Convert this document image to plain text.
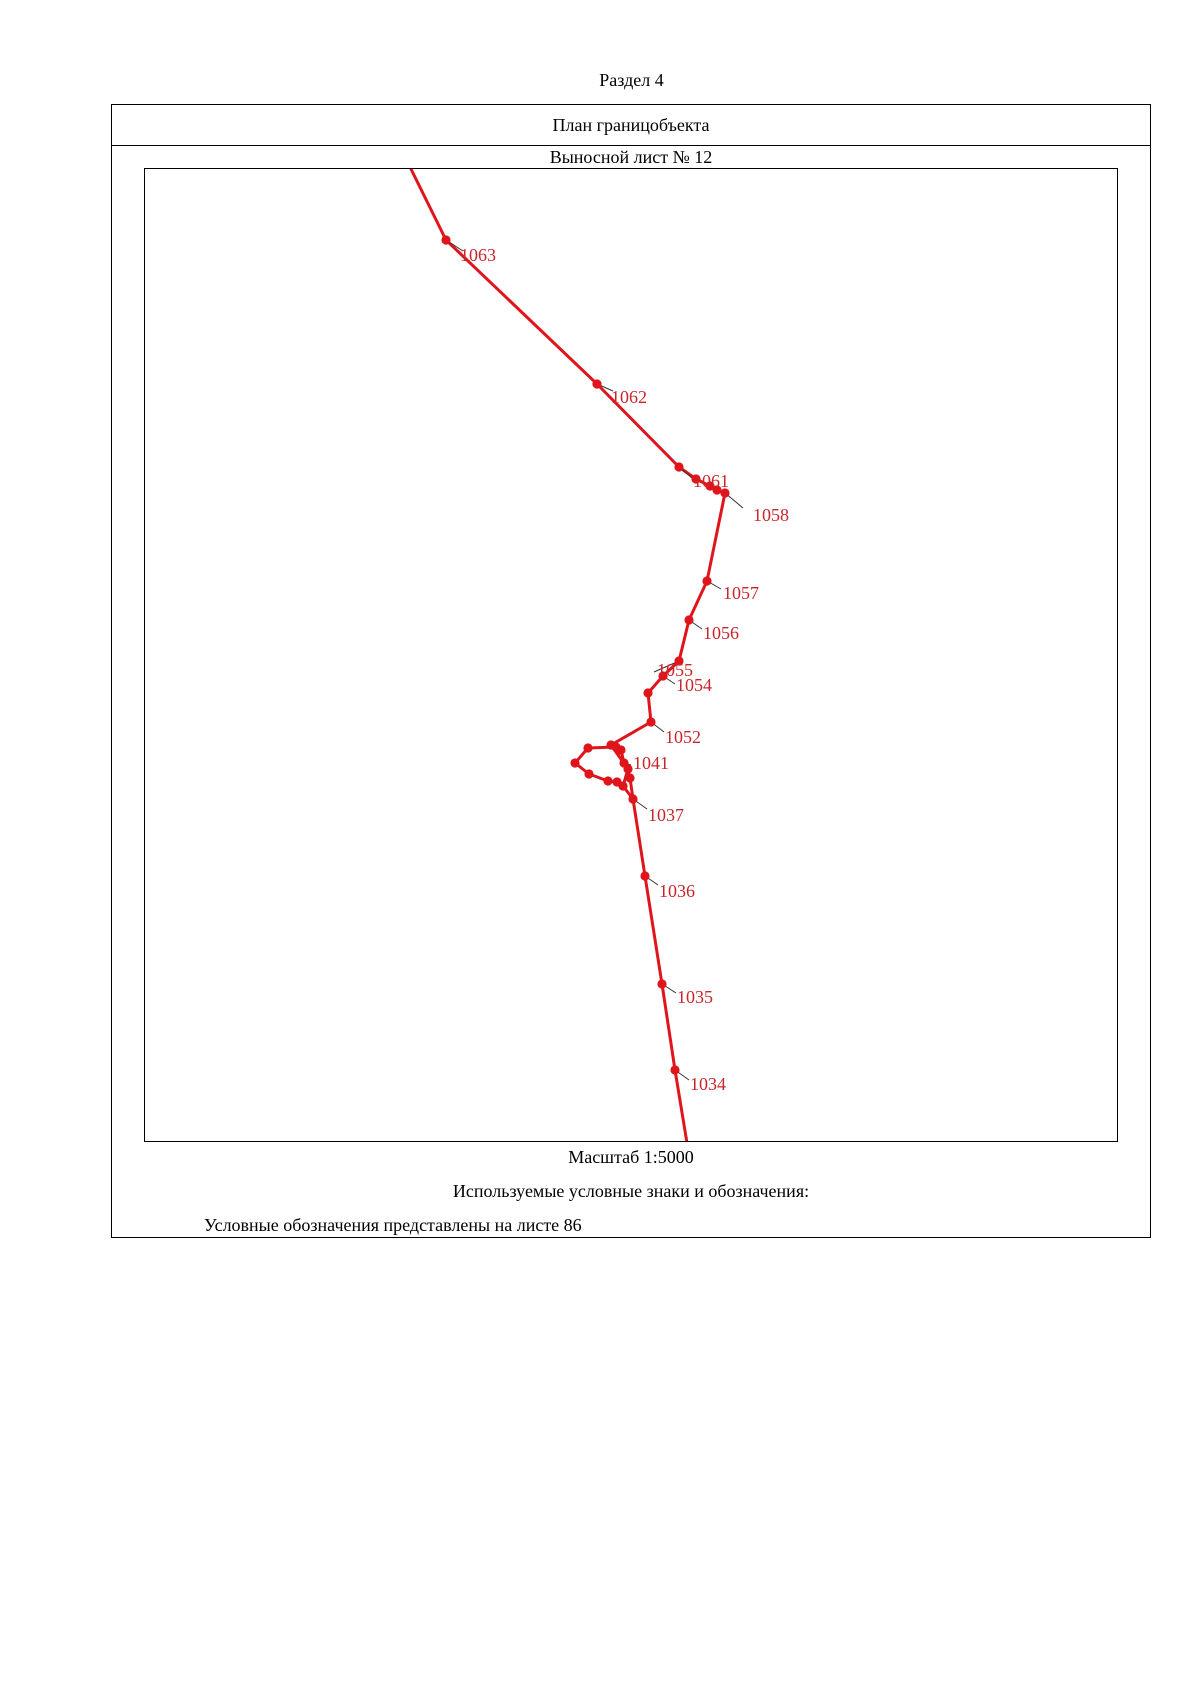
Раздел 4
План границобъекта
Выносной лист № 12
Масштаб 1:5000
Используемые условные знаки и обозначения:
Условные обозначения представлены на листе 86
1063
1062
1061
1058
1057
1056
1055
1054
1052
1041
1037
1036
1035
1034
